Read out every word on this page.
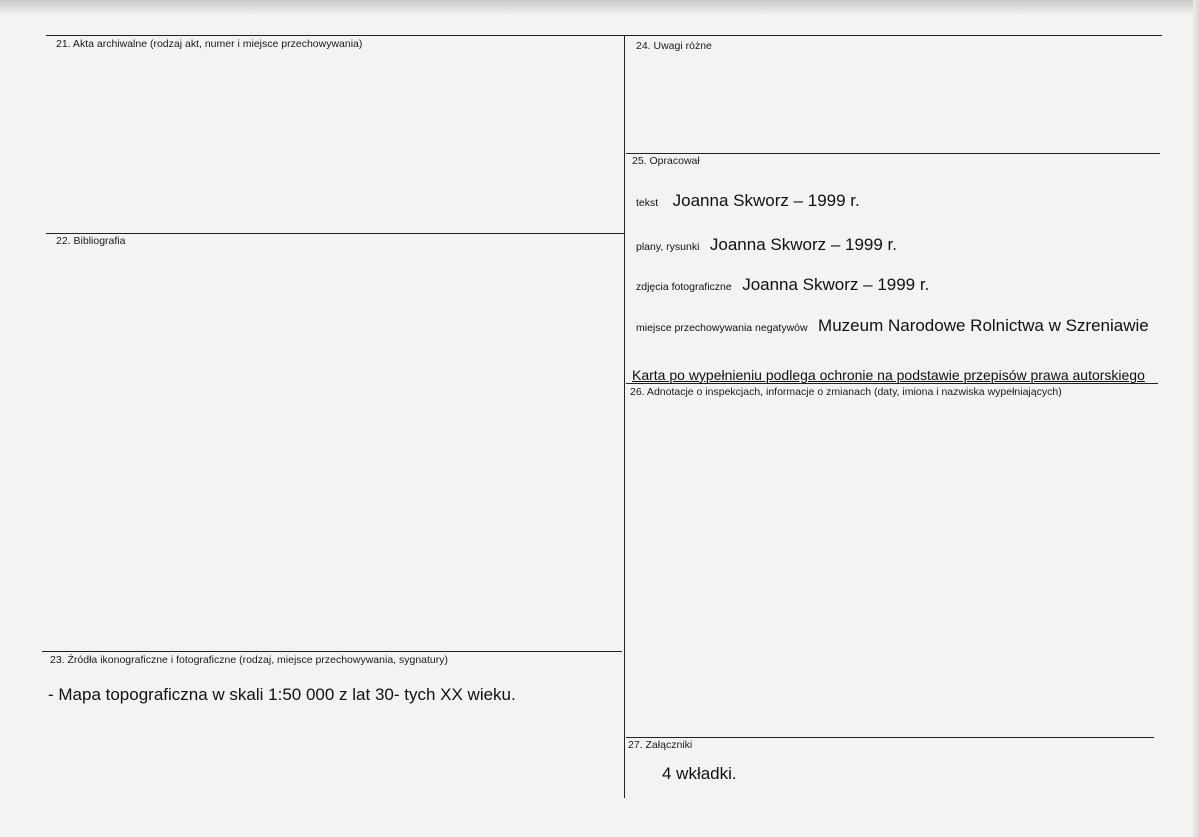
21. Akta archiwalne (rodzaj akt, numer i miejsce przechowywania)
22. Bibliografia
23. Źródła ikonograficzne i fotograficzne (rodzaj, miejsce przechowywania, sygnatury)
- Mapa topograficzna w skali 1:50 000 z lat 30- tych XX wieku.
24. Uwagi różne
25. Opracował
tekst Joanna Skworz – 1999 r.
plany, rysunki Joanna Skworz – 1999 r.
zdjęcia fotograficzne Joanna Skworz – 1999 r.
miejsce przechowywania negatywów Muzeum Narodowe Rolnictwa w Szreniawie
Karta po wypełnieniu podlega ochronie na podstawie przepisów prawa autorskiego
26. Adnotacje o inspekcjach, informacje o zmianach (daty, imiona i nazwiska wypełniających)
27. Załączniki
4 wkładki.
